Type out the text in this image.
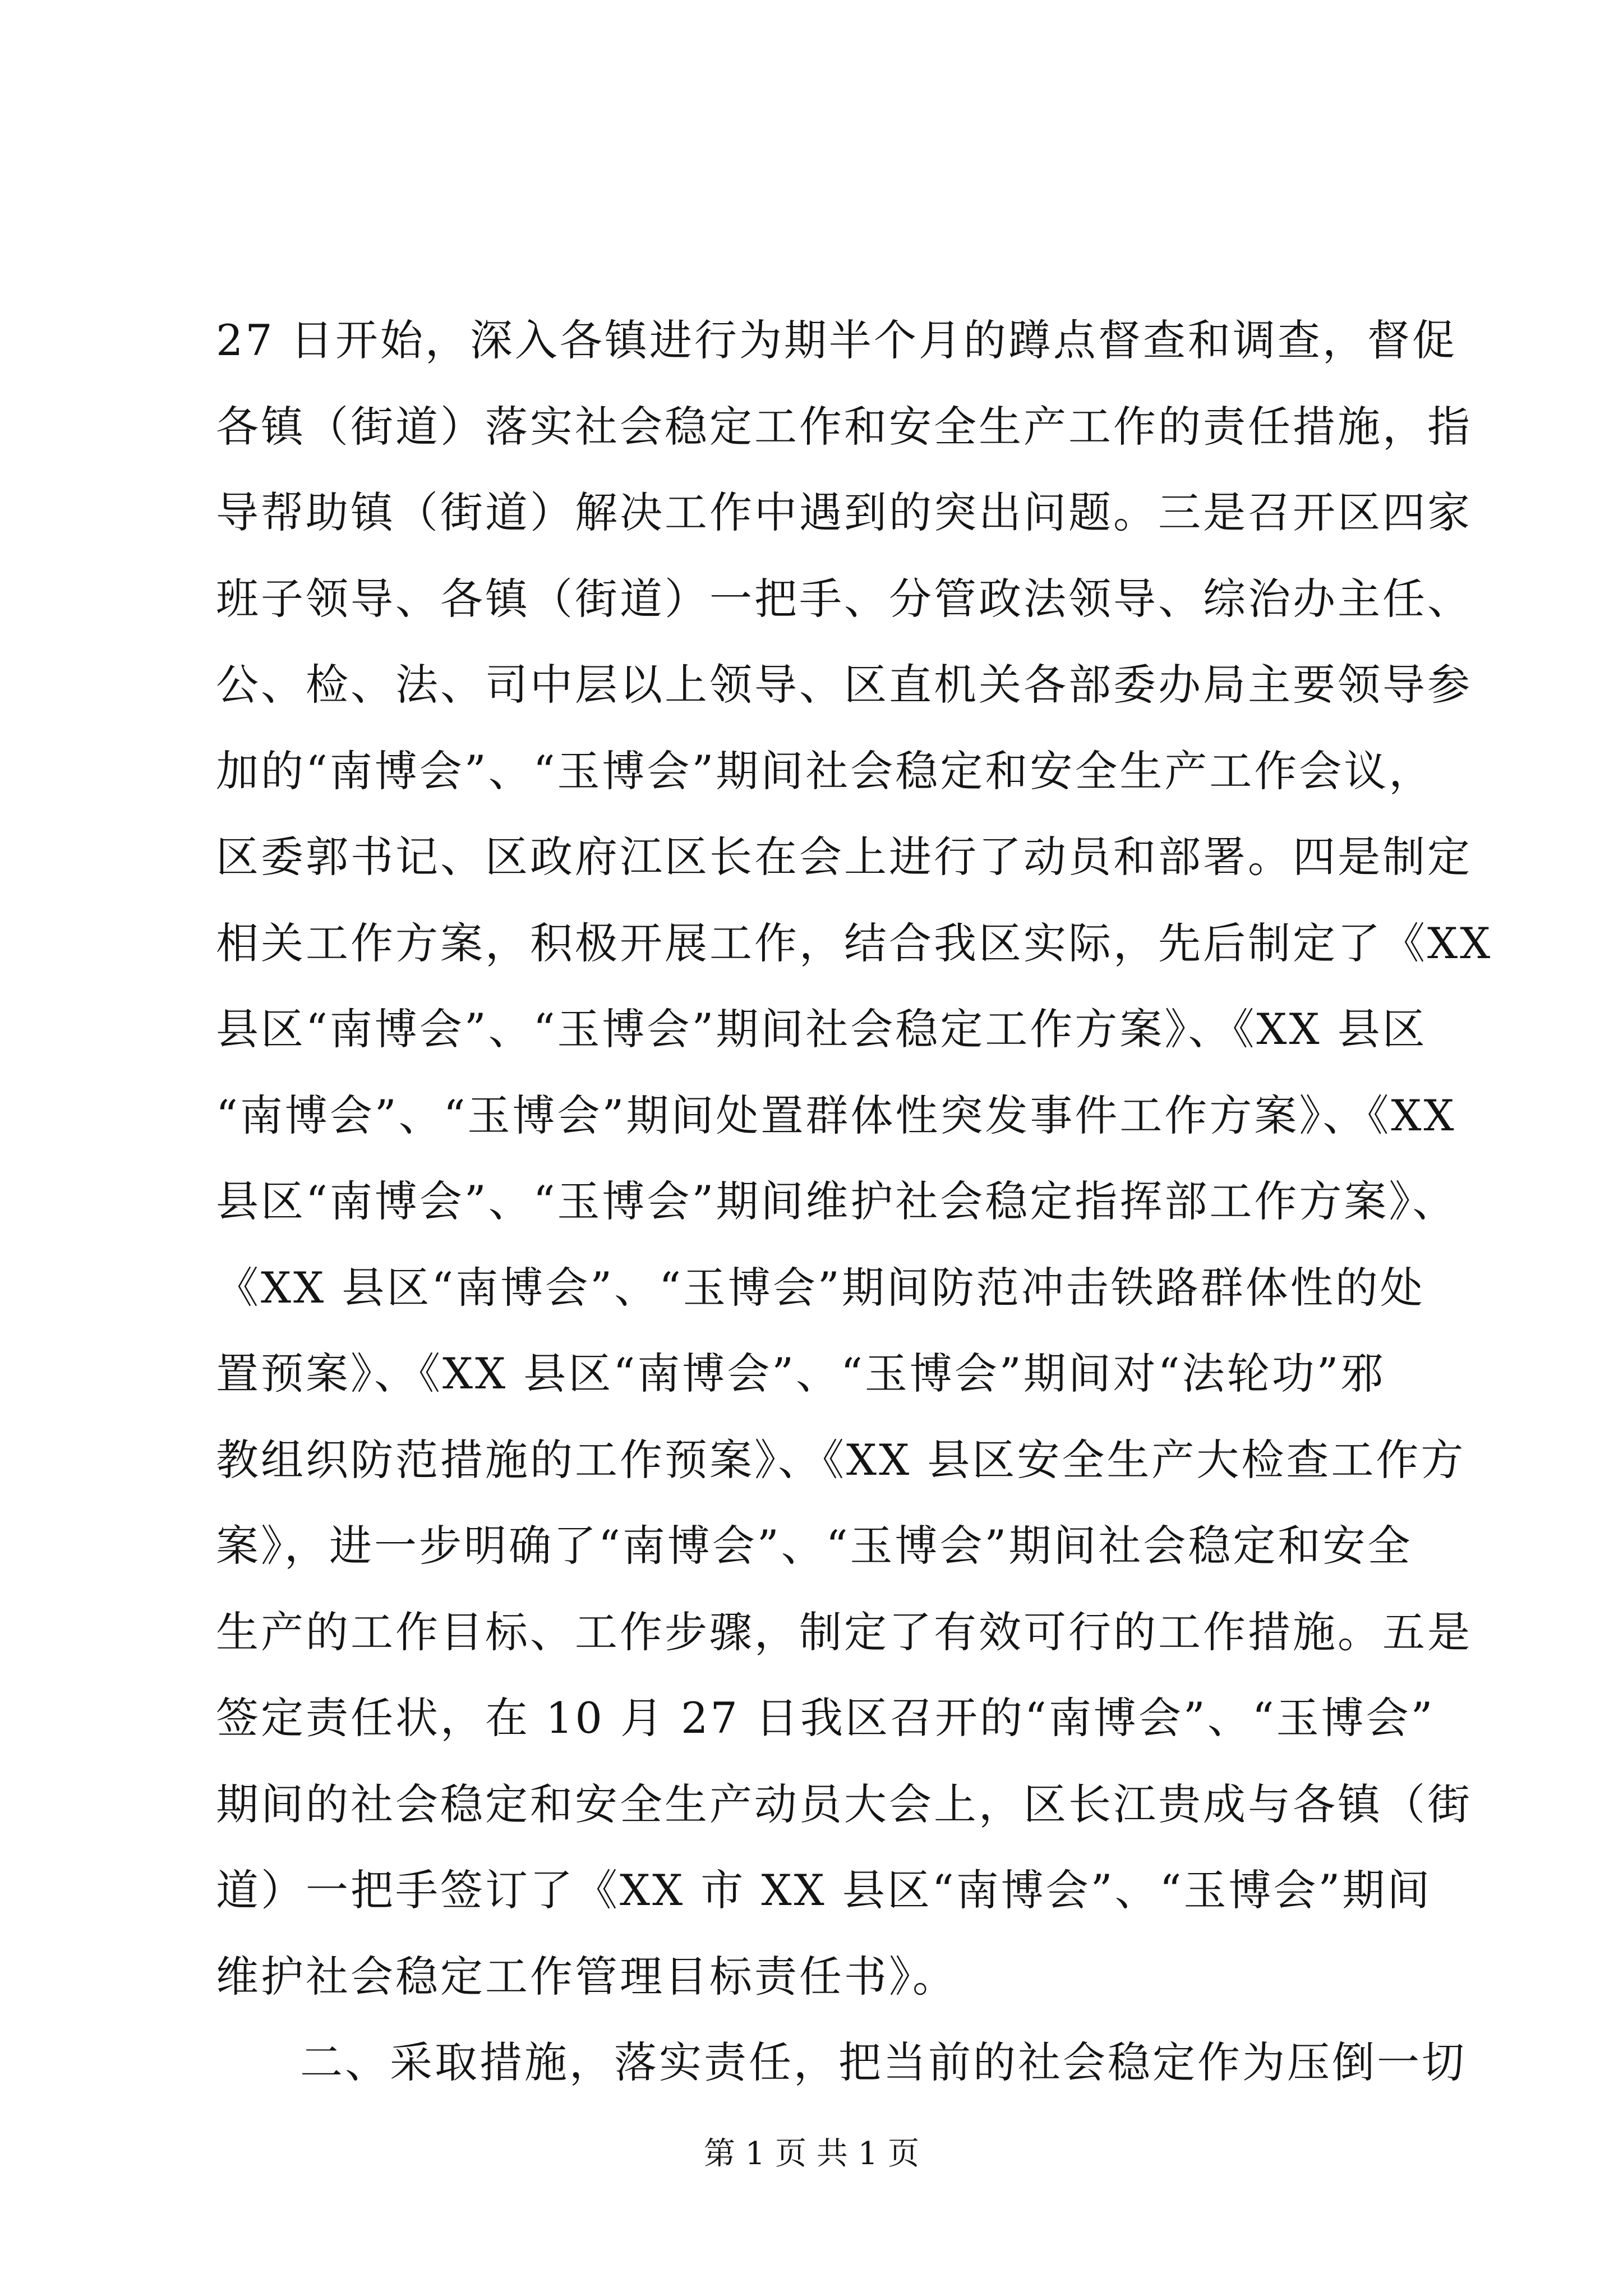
27 日开始，深入各镇进行为期半个月的蹲点督查和调查，督促
各镇（街道）落实社会稳定工作和安全生产工作的责任措施，指
导帮助镇（街道）解决工作中遇到的突出问题。三是召开区四家
班子领导、各镇（街道）一把手、分管政法领导、综治办主任、
公、检、法、司中层以上领导、区直机关各部委办局主要领导参
加的“南博会”、“玉博会”期间社会稳定和安全生产工作会议，
区委郭书记、区政府江区长在会上进行了动员和部署。四是制定
相关工作方案，积极开展工作，结合我区实际，先后制定了《XX
县区“南博会”、“玉博会”期间社会稳定工作方案》、《XX 县区
“南博会”、“玉博会”期间处置群体性突发事件工作方案》、《XX
县区“南博会”、“玉博会”期间维护社会稳定指挥部工作方案》、
《XX 县区“南博会”、“玉博会”期间防范冲击铁路群体性的处
置预案》、《XX 县区“南博会”、“玉博会”期间对“法轮功”邪
教组织防范措施的工作预案》、《XX 县区安全生产大检查工作方
案》，进一步明确了“南博会”、“玉博会”期间社会稳定和安全
生产的工作目标、工作步骤，制定了有效可行的工作措施。五是
签定责任状，在 10 月 27 日我区召开的“南博会”、“玉博会”
期间的社会稳定和安全生产动员大会上，区长江贵成与各镇（街
道）一把手签订了《XX 市 XX 县区“南博会”、“玉博会”期间
维护社会稳定工作管理目标责任书》。
二、采取措施，落实责任，把当前的社会稳定作为压倒一切
第 1 页 共 1 页
